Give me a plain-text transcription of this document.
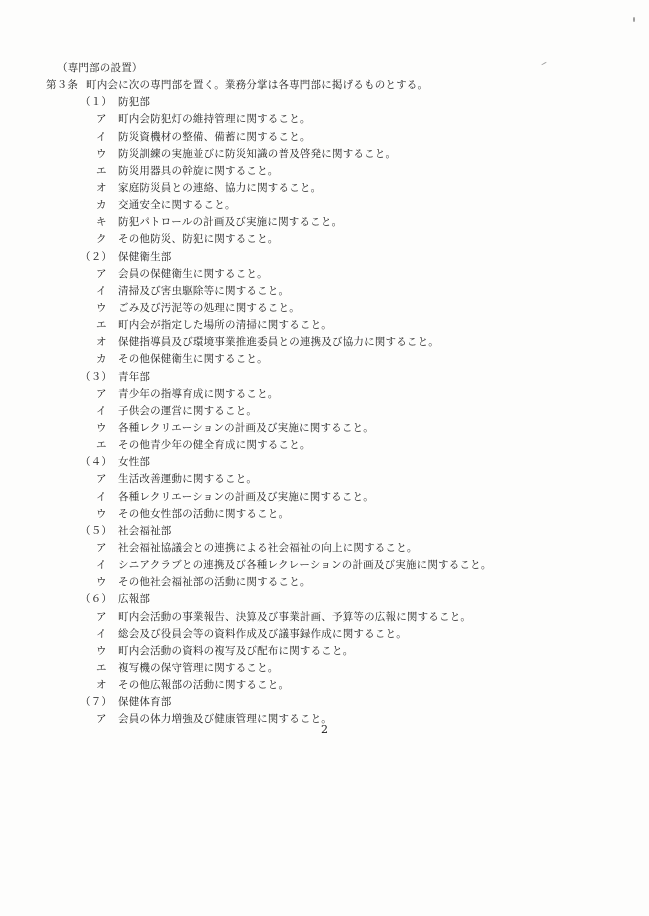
（専門部の設置）
第３条 町内会に次の専門部を置く。業務分掌は各専門部に掲げるものとする。
（１） 防犯部
ア 町内会防犯灯の維持管理に関すること。
イ 防災資機材の整備、備蓄に関すること。
ウ 防災訓練の実施並びに防災知識の普及啓発に関すること。
エ 防災用器具の幹旋に関すること。
オ 家庭防災員との連絡、協力に関すること。
カ 交通安全に関すること。
キ 防犯パトロールの計画及び実施に関すること。
ク その他防災、防犯に関すること。
（２） 保健衛生部
ア 会員の保健衛生に関すること。
イ 清掃及び害虫駆除等に関すること。
ウ ごみ及び汚泥等の処理に関すること。
エ 町内会が指定した場所の清掃に関すること。
オ 保健指導員及び環境事業推進委員との連携及び協力に関すること。
カ その他保健衛生に関すること。
（３） 青年部
ア 青少年の指導育成に関すること。
イ 子供会の運営に関すること。
ウ 各種レクリエーションの計画及び実施に関すること。
エ その他青少年の健全育成に関すること。
（４） 女性部
ア 生活改善運動に関すること。
イ 各種レクリエーションの計画及び実施に関すること。
ウ その他女性部の活動に関すること。
（５） 社会福祉部
ア 社会福祉協議会との連携による社会福祉の向上に関すること。
イ シニアクラブとの連携及び各種レクレーションの計画及び実施に関すること。
ウ その他社会福祉部の活動に関すること。
（６） 広報部
ア 町内会活動の事業報告、決算及び事業計画、予算等の広報に関すること。
イ 総会及び役員会等の資料作成及び議事録作成に関すること。
ウ 町内会活動の資料の複写及び配布に関すること。
エ 複写機の保守管理に関すること。
オ その他広報部の活動に関すること。
（７） 保健体育部
ア 会員の体力増強及び健康管理に関すること。
2
